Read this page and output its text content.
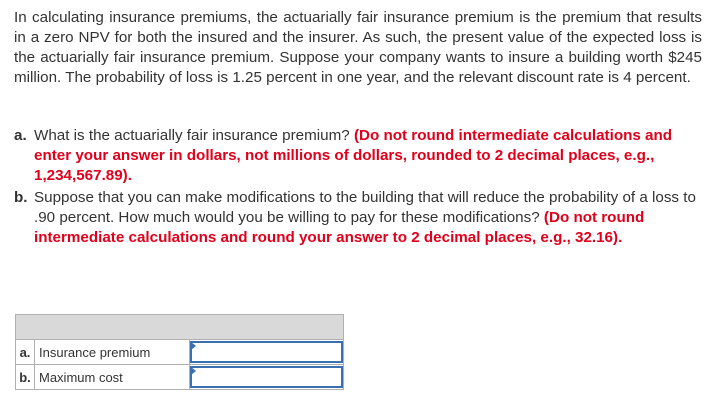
In calculating insurance premiums, the actuarially fair insurance premium is the premium that results in a zero NPV for both the insured and the insurer. As such, the present value of the expected loss is the actuarially fair insurance premium. Suppose your company wants to insure a building worth $245 million. The probability of loss is 1.25 percent in one year, and the relevant discount rate is 4 percent.

a. What is the actuarially fair insurance premium? (Do not round intermediate calculations and enter your answer in dollars, not millions of dollars, rounded to 2 decimal places, e.g., 1,234,567.89).
b. Suppose that you can make modifications to the building that will reduce the probability of a loss to .90 percent. How much would you be willing to pay for these modifications? (Do not round intermediate calculations and round your answer to 2 decimal places, e.g., 32.16).

a.	Insurance premium	

b.	Maximum cost	
